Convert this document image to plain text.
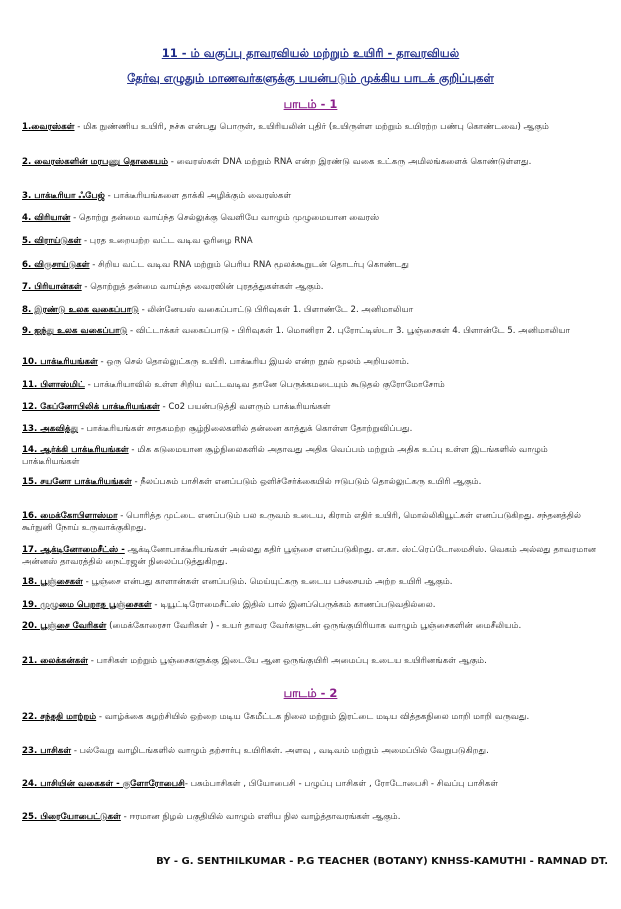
11 - ம் வகுப்பு தாவரவியல் மற்றும் உயிரி - தாவரவியல்
தேர்வு எழுதும் மாணவர்களுக்கு பயன்படும் முக்கிய பாடக் குறிப்புகள்
பாடம் - 1
1.வைரஸ்கள் - மிக நுண்ணிய உயிரி, நச்சு என்பது பொருள், உயிரியலின் புதிர் (உயிருள்ள மற்றும் உயிரற்ற பண்பு கொண்டவை) ஆகும்
2. வைரஸ்களின் மரபணு தொகையம் - வைரஸ்கள் DNA மற்றும் RNA என்ற இரண்டு வகை உட்கரு அமிலங்களைக் கொண்டுள்ளது.
3. பாக்டீரியா ஃபேஜ் - பாக்டீரியங்களை தாக்கி அழிக்கும் வைரஸ்கள்
4. விரியான் - தொற்று தன்மை வாய்ந்த செல்லுக்கு வெளியே வாழும் முழுமையான வைரஸ்
5. விராய்டுகள் - புரத உறையற்ற வட்ட வடிவ ஓரிழை RNA
6. விருசாய்டுகள் - சிறிய வட்ட வடிவ RNA மற்றும் பெரிய RNA மூலக்கூறுடன் தொடர்பு கொண்டது
7. பிரியான்கள் - தொற்றுத் தன்மை வாய்ந்த வைரஸின் புரதத்துகள்கள் ஆகும்.
8. இரண்டு உலக வகைப்பாடு - லின்னேயஸ் வகைப்பாட்டு பிரிவுகள் 1. பிளாண்டே 2. அனிமாலியா
9. ஐந்து உலக வகைப்பாடு - விட்டாக்கர் வகைப்பாடு - பிரிவுகள் 1. மொனிரா 2. புரோட்டிஸ்டா 3. பூஞ்சைகள் 4. பிளான்டே 5. அனிமாலியா
10. பாக்டீரியங்கள் - ஒரு செல் தொல்லுட்கரு உயிரி. பாக்டீரிய இயல் என்ற நூல் மூலம் அறியலாம்.
11. பிளாஸ்மிட் - பாக்டீரியாவில் உள்ள சிறிய வட்டவடிவ தானே பெருக்கமடையும் கூடுதல் குரோமோசோம்
12. கேப்னோபிலிக் பாக்டீரியங்கள் - Co2 பயன்படுத்தி வளரும் பாக்டீரியங்கள்
13. அகவித்து - பாக்டீரியங்கள் சாதகமற்ற சூழ்நிலைகளில் தன்னை காத்துக் கொள்ள தோற்றுவிப்பது.
14. ஆர்க்கி பாக்டீரியங்கள் - மிக கடுமையான சூழ்நிலைகளில் அதாவது அதிக வெப்பம் மற்றும் அதிக உப்பு உள்ள இடங்களில் வாழும் பாக்டீரியங்கள்
15. சயனோ பாக்டீரியங்கள் - நீலப்பசும் பாசிகள் எனப்படும் ஒளிச்சேர்க்கையில் ஈடுபடும் தொல்லுட்கரு உயிரி ஆகும்.
16. மைக்கோபிளாஸ்மா - பொரித்த முட்டை எனப்படும் பல உருவம் உடைய, கிராம் எதிர் உயிரி, மொல்லிகியூட்கள் எனப்படுகிறது. சந்தனத்தில் கூர்நுனி நோய் உருவாக்குகிறது.
17. ஆக்டினோமைசீட்ஸ் - ஆக்டினோபாக்டீரியங்கள் அல்லது கதிர் பூஞ்சை எனப்படுகிறது. எ.கா. ஸ்ட்ரெப்டோமைசிஸ். வெகம் அல்லது தாவரமான அன்னஸ் தாவரத்தில் நைட்ரஜன் நிலைப்படுத்துகிறது.
18. பூஞ்சைகள் - பூஞ்சை என்பது காளான்கள் எனப்படும். மெய்யுட்கரு உடைய பச்சையம் அற்ற உயிரி ஆகும்.
19. முழுமை பெறாத பூஞ்சைகள் - டியூட்டிரோமைசீட்ஸ் இதில் பால் இனப்பெருக்கம் காணப்படுவதில்லை.
20. பூஞ்சை வேரிகள் (மைக்கோரைசா வேரிகள் ) - உயர் தாவர வேர்களுடன் ஒருங்குயிரியாக வாழும் பூஞ்சைகளின் மைசீலியம்.
21. லைக்கன்கள் - பாசிகள் மற்றும் பூஞ்சைகளுக்கு இடையே ஆன ஒருங்குயிரி அமைப்பு உடைய உயிரினங்கள் ஆகும்.
பாடம் - 2
22. சந்ததி மாற்றம் - வாழ்க்கை சுழற்சியில் ஒற்றை மடிய கேமீட்டக நிலை மற்றும் இரட்டை மடிய வித்தகநிலை மாறி மாறி வருவது.
23. பாசிகள் - பல்வேறு வாழிடங்களில் வாழும் தற்சார்பு உயிரிகள். அளவு , வடிவம் மற்றும் அமைப்பில் வேறுபடுகிறது.
24. பாசியின் வகைகள் - குளோரோபைசி- பசும்பாசிகள் , பியோபைசி - பழுப்பு பாசிகள் , ரோடோபைசி - சிவப்பு பாசிகள்
25. பிரையோபைட்டுகள் - ஈரமான நிழல் பகுதியில் வாழும் எளிய நில வாழ்த்தாவரங்கள் ஆகும்.
BY - G. SENTHILKUMAR - P.G TEACHER (BOTANY) KNHSS-KAMUTHI - RAMNAD DT.
